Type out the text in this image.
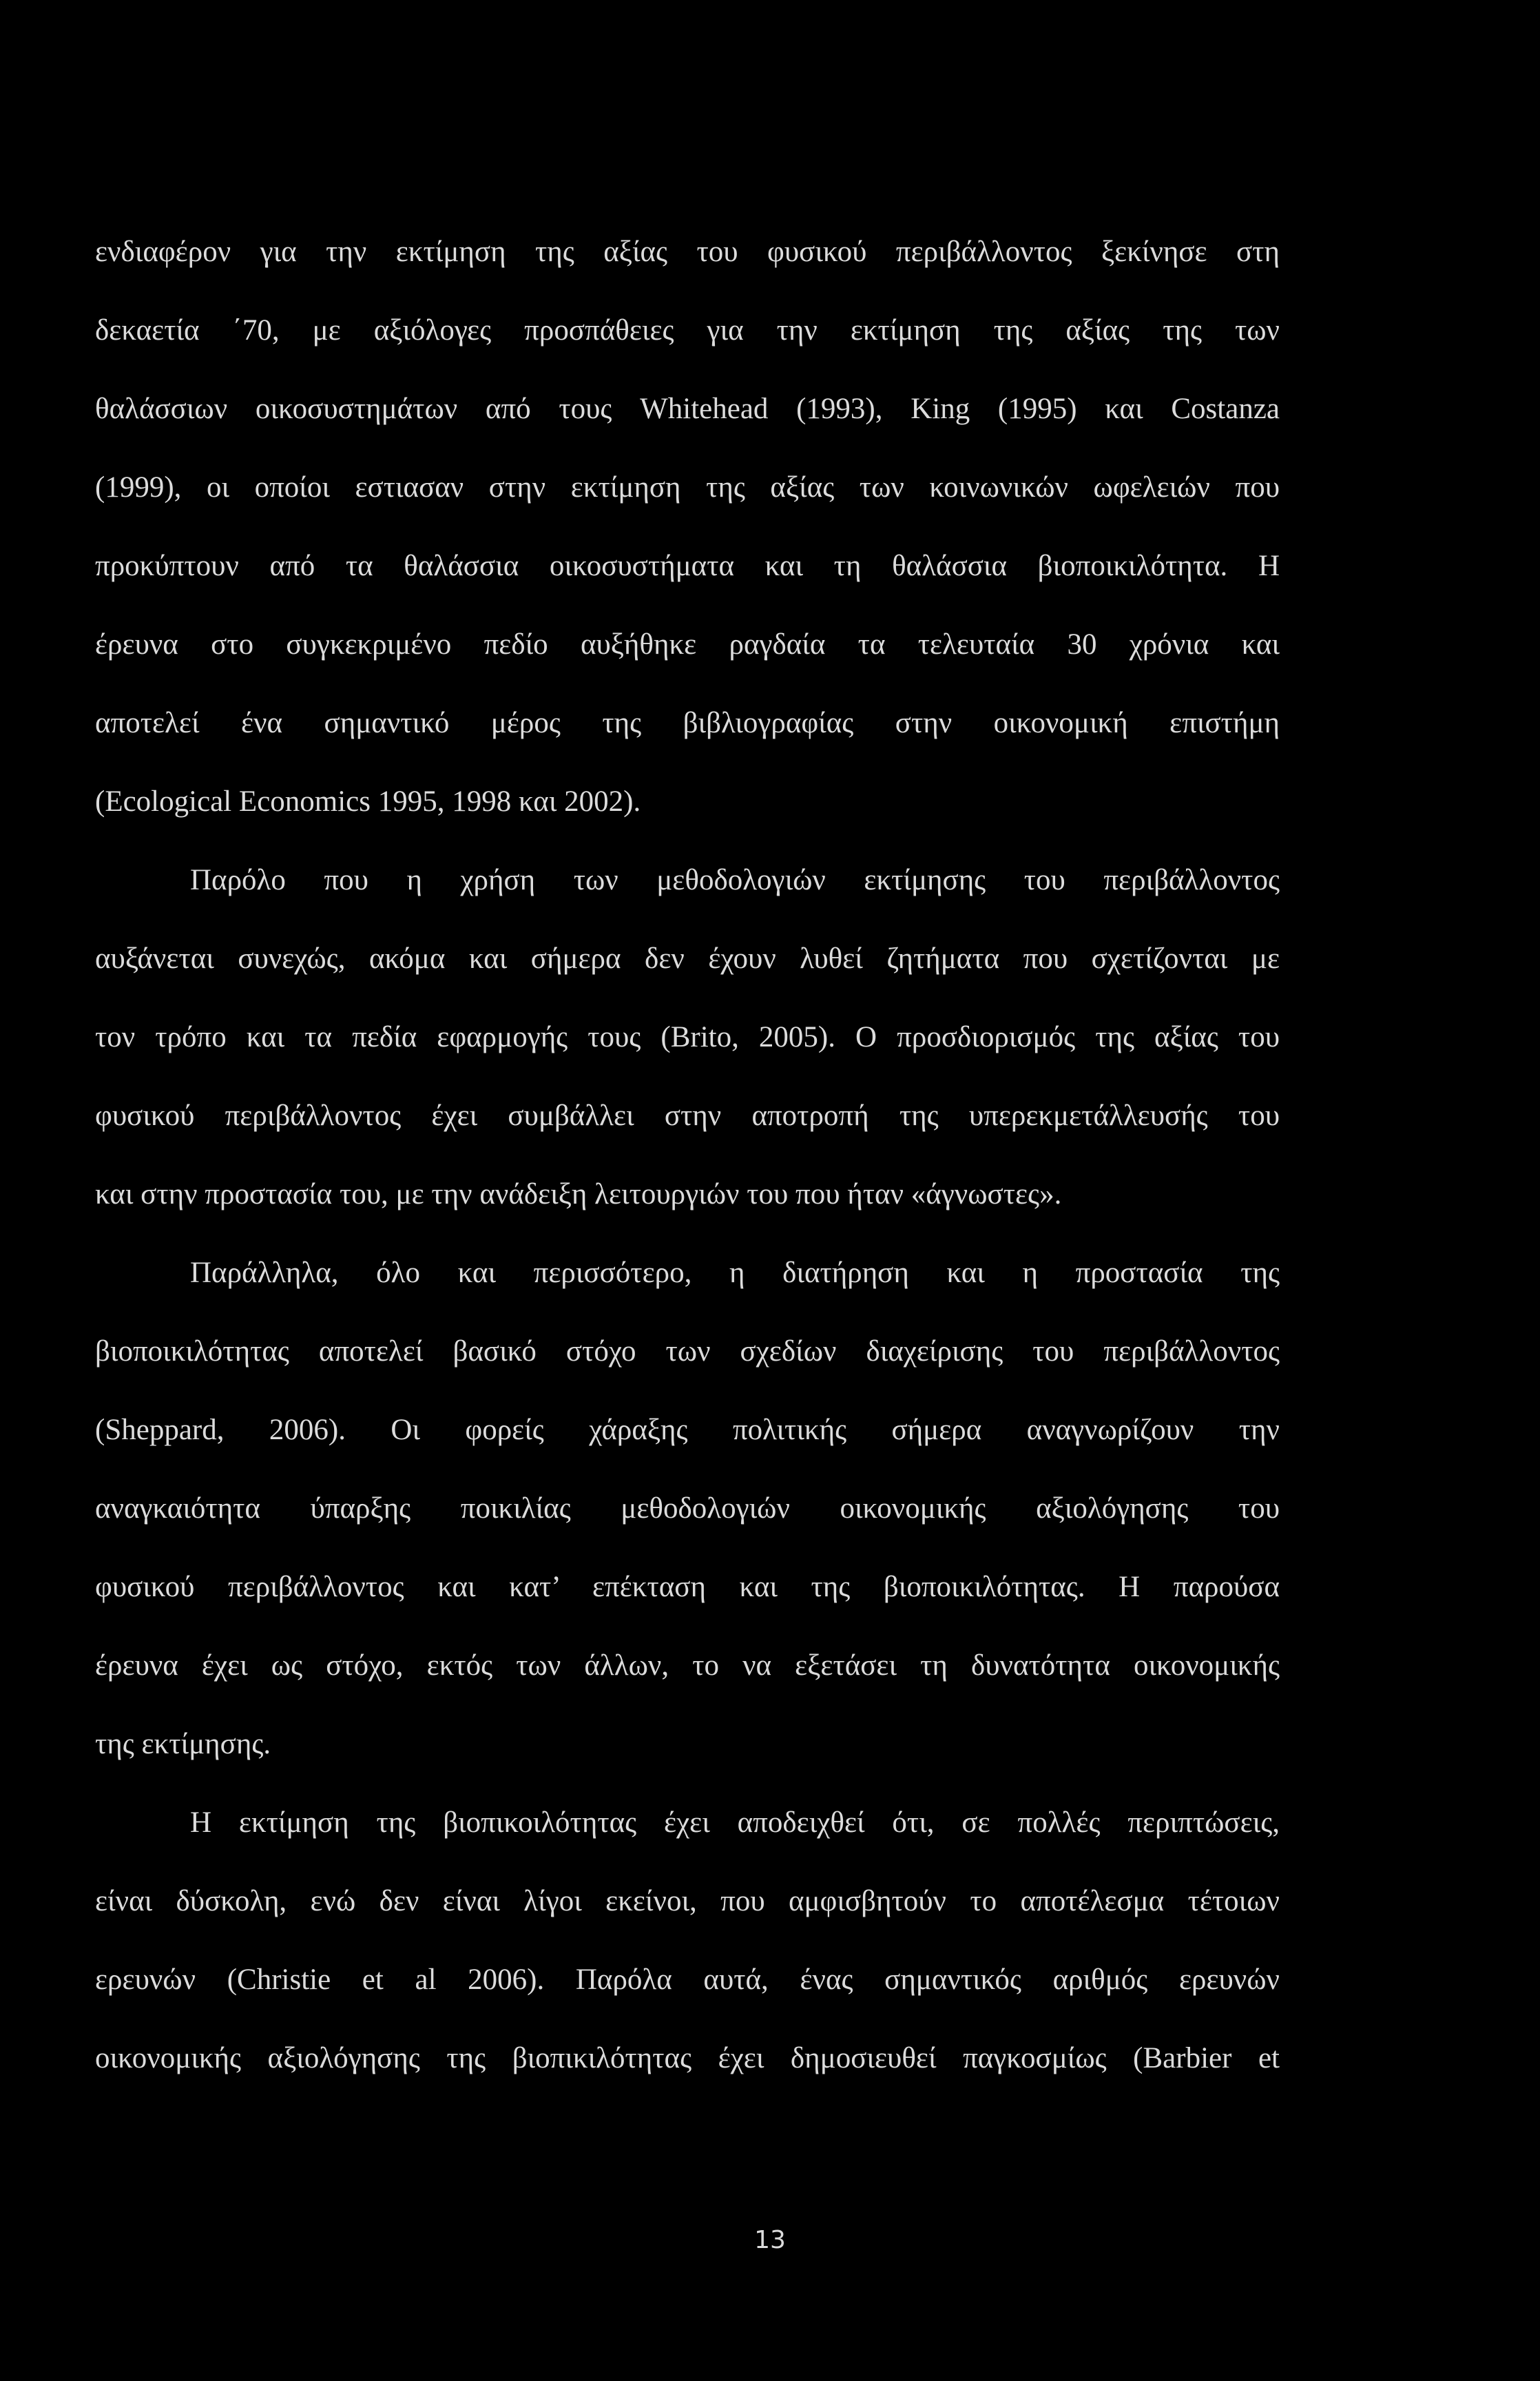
ενδιαφέρον για την εκτίμηση της αξίας του φυσικού περιβάλλοντος ξεκίνησε στη
δεκαετία ΄70, με αξιόλογες προσπάθειες για την εκτίμηση της αξίας της των
θαλάσσιων οικοσυστημάτων από τους Whitehead (1993), King (1995) και Costanza
(1999), οι οποίοι εστιασαν στην εκτίμηση της αξίας των κοινωνικών ωφελειών που
προκύπτουν από τα θαλάσσια οικοσυστήματα και τη θαλάσσια βιοποικιλότητα. Η
έρευνα στο συγκεκριμένο πεδίο αυξήθηκε ραγδαία τα τελευταία 30 χρόνια και
αποτελεί ένα σημαντικό μέρος της βιβλιογραφίας στην οικονομική επιστήμη
(Ecological Economics 1995, 1998 και 2002).
Παρόλο που η χρήση των μεθοδολογιών εκτίμησης του περιβάλλοντος
αυξάνεται συνεχώς, ακόμα και σήμερα δεν έχουν λυθεί ζητήματα που σχετίζονται με
τον τρόπο και τα πεδία εφαρμογής τους (Brito, 2005). Ο προσδιορισμός της αξίας του
φυσικού περιβάλλοντος έχει συμβάλλει στην αποτροπή της υπερεκμετάλλευσής του
και στην προστασία του, με την ανάδειξη λειτουργιών του που ήταν «άγνωστες».
Παράλληλα, όλο και περισσότερο, η διατήρηση και η προστασία της
βιοποικιλότητας αποτελεί βασικό στόχο των σχεδίων διαχείρισης του περιβάλλοντος
(Sheppard, 2006). Οι φορείς χάραξης πολιτικής σήμερα αναγνωρίζουν την
αναγκαιότητα ύπαρξης ποικιλίας μεθοδολογιών οικονομικής αξιολόγησης του
φυσικού περιβάλλοντος και κατ’ επέκταση και της βιοποικιλότητας. Η παρούσα
έρευνα έχει ως στόχο, εκτός των άλλων, το να εξετάσει τη δυνατότητα οικονομικής
της εκτίμησης.
Η εκτίμηση της βιοπικοιλότητας έχει αποδειχθεί ότι, σε πολλές περιπτώσεις,
είναι δύσκολη, ενώ δεν είναι λίγοι εκείνοι, που αμφισβητούν το αποτέλεσμα τέτοιων
ερευνών (Christie et al 2006). Παρόλα αυτά, ένας σημαντικός αριθμός ερευνών
οικονομικής αξιολόγησης της βιοπικιλότητας έχει δημοσιευθεί παγκοσμίως (Barbier et
13
